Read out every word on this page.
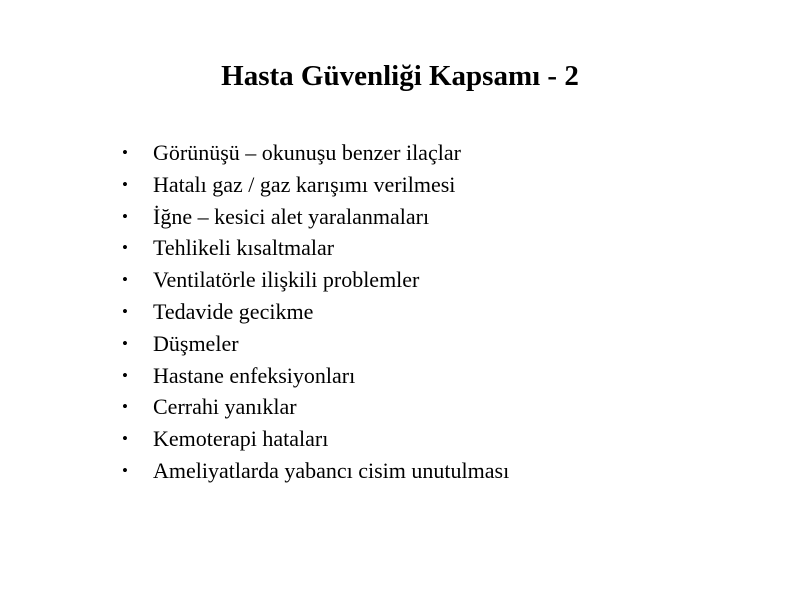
Hasta Güvenliği Kapsamı - 2
• Görünüşü – okunuşu benzer ilaçlar
• Hatalı gaz / gaz karışımı verilmesi
• İğne – kesici alet yaralanmaları
• Tehlikeli kısaltmalar
• Ventilatörle ilişkili problemler
• Tedavide gecikme
• Düşmeler
• Hastane enfeksiyonları
• Cerrahi yanıklar
• Kemoterapi hataları
• Ameliyatlarda yabancı cisim unutulması
